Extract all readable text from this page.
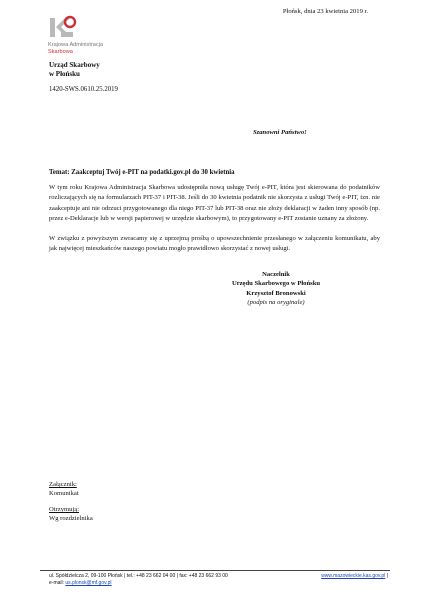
Krajowa Administracja
Skarbowa
Płońsk, dnia 23 kwietnia 2019 r.
Urząd Skarbowy
w Płońsku
1420-SWS.0610.25.2019
Szanowni Państwo!
Temat: Zaakceptuj Twój e-PIT na podatki.gov.pl do 30 kwietnia
W tym roku Krajowa Administracja Skarbowa udostępniła nową usługę Twój e-PIT, która jest skierowana do podatników rozliczających się na formularzach PIT-37 i PIT-38. Jeśli do 30 kwietnia podatnik nie skorzysta z usługi Twój e-PIT, tzn. nie zaakceptuje ani nie odrzuci przygotowanego dla niego PIT-37 lub PIT-38 oraz nie złoży deklaracji w żaden inny sposób (np. przez e-Deklaracje lub w wersji papierowej w urzędzie skarbowym), to przygotowany e-PIT zostanie uznany za złożony.
W związku z powyższym zwracamy się z uprzejmą prośbą o upowszechnienie przesłanego w załączeniu komunikatu, aby jak najwięcej mieszkańców naszego powiatu mogło prawidłowo skorzystać z nowej usługi.
Naczelnik
Urzędu Skarbowego w Płońsku
Krzysztof Bronowski
(podpis na oryginale)
Załącznik:
Komunikat
Otrzymują:
Wg rozdzielnika
ul. Spółdzielcza 2, 09-100 Płońsk | tel.: +48 23 662 04 00 | fax: +48 23 662 93 00
e-mail: us.plonsk@mf.gov.pl
www.mazowieckie.kas.gov.pl |
